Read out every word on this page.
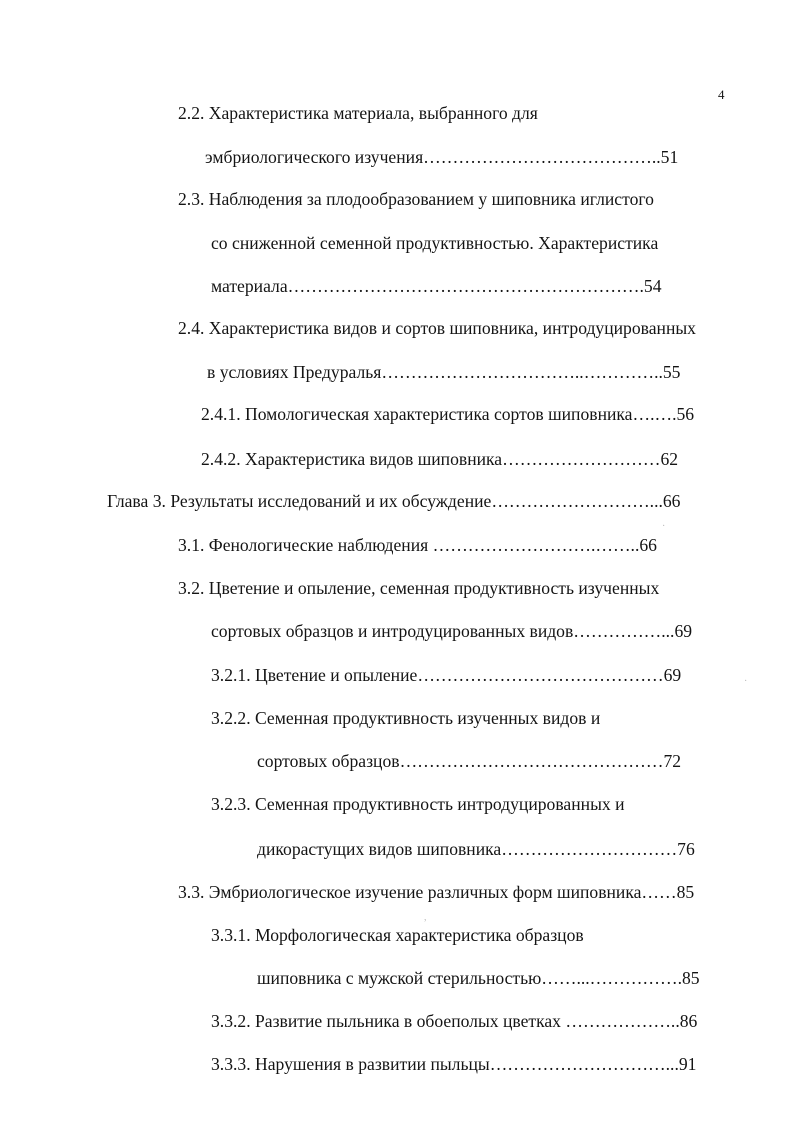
4
2.2. Характеристика материала, выбранного для
эмбриологического изучения…………………………………..51
2.3. Наблюдения за плодообразованием у шиповника иглистого
со сниженной семенной продуктивностью. Характеристика
материала…………………………………………………….54
2.4. Характеристика видов и сортов шиповника, интродуцированных
в условиях Предуралья……………………………..…………..55
2.4.1. Помологическая характеристика сортов шиповника….….56
2.4.2. Характеристика видов шиповника………………………62
Глава 3. Результаты исследований и их обсуждение………………………...66
3.1. Фенологические наблюдения ……………………….……..66
3.2. Цветение и опыление, семенная продуктивность изученных
сортовых образцов и интродуцированных видов……………...69
3.2.1. Цветение и опыление……………………………………69
3.2.2. Семенная продуктивность изученных видов и
сортовых образцов………………………………………72
3.2.3. Семенная продуктивность интродуцированных и
дикорастущих видов шиповника…………………………76
3.3. Эмбриологическое изучение различных форм шиповника……85
3.3.1. Морфологическая характеристика образцов
шиповника с мужской стерильностью……...…………….85
3.3.2. Развитие пыльника в обоеполых цветках ………………..86
3.3.3. Нарушения в развитии пыльцы…………………………...91
·
·
,
